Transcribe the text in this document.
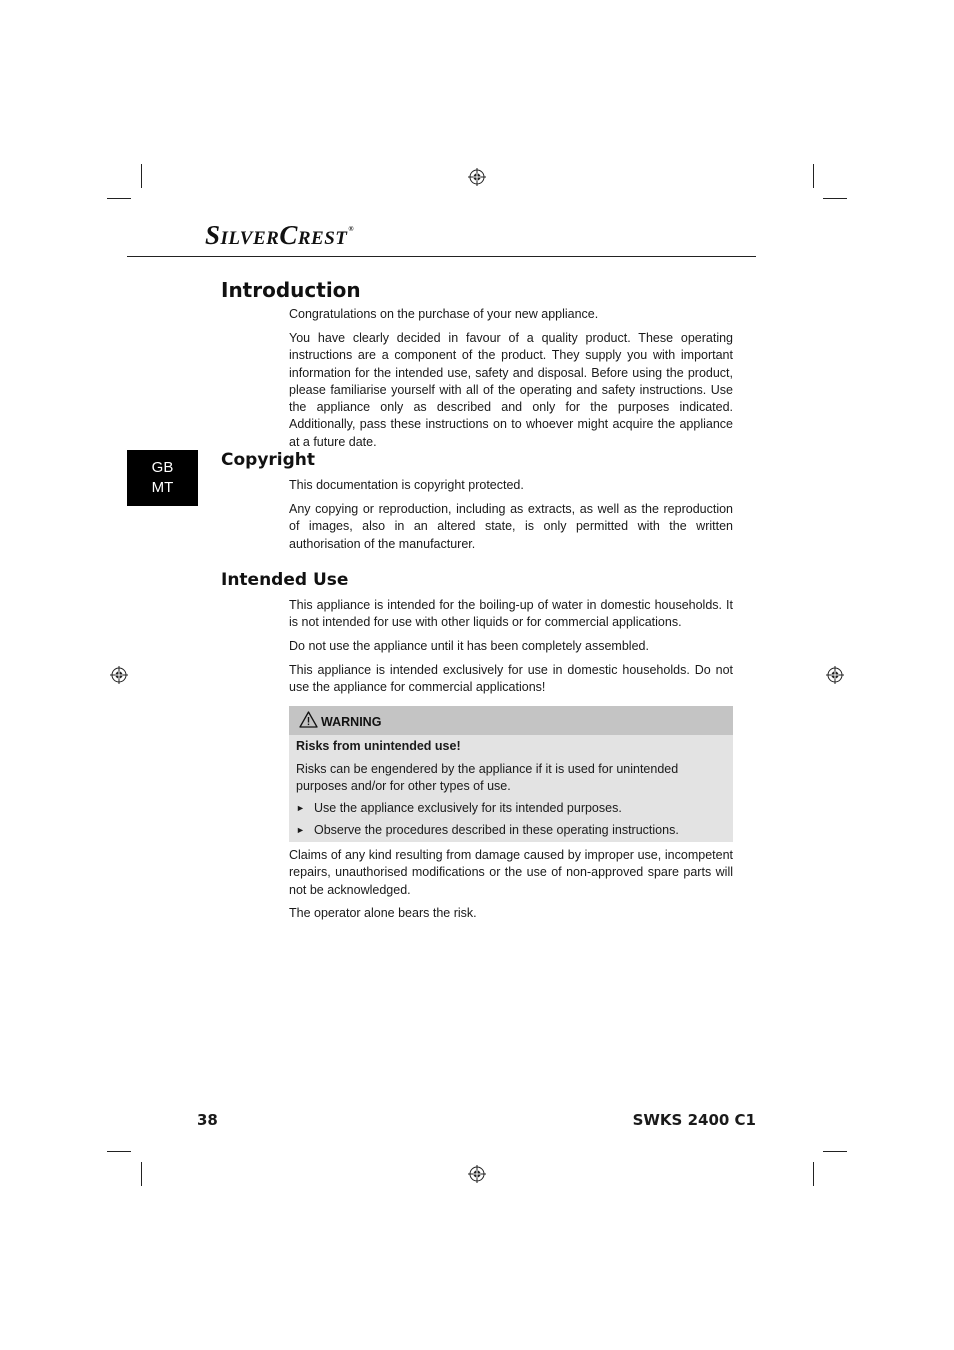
SilverCrest®
GB
MT
Introduction

Congratulations on the purchase of your new appliance.

You have clearly decided in favour of a quality product. These operating instructions are a component of the product. They supply you with important information for the intended use, safety and disposal. Before using the product, please familiarise yourself with all of the operating and safety instructions. Use the appliance only as described and only for the purposes indicated. Additionally, pass these instructions on to whoever might acquire the appliance at a future date.

Copyright

This documentation is copyright protected.

Any copying or reproduction, including as extracts, as well as the reproduction of images, also in an altered state, is only permitted with the written authorisation of the manufacturer.

Intended Use

This appliance is intended for the boiling-up of water in domestic households. It is not intended for use with other liquids or for commercial applications.

Do not use the appliance until it has been completely assembled.

This appliance is intended exclusively for use in domestic households. Do not use the appliance for commercial applications!

WARNING
Risks from unintended use!

Risks can be engendered by the appliance if it is used for unintended purposes and/or for other types of use.

► Use the appliance exclusively for its intended purposes.
► Observe the procedures described in these operating instructions.

Claims of any kind resulting from damage caused by improper use, incompetent repairs, unauthorised modifications or the use of non-approved spare parts will not be acknowledged.

The operator alone bears the risk.

38	SWKS 2400 C1
